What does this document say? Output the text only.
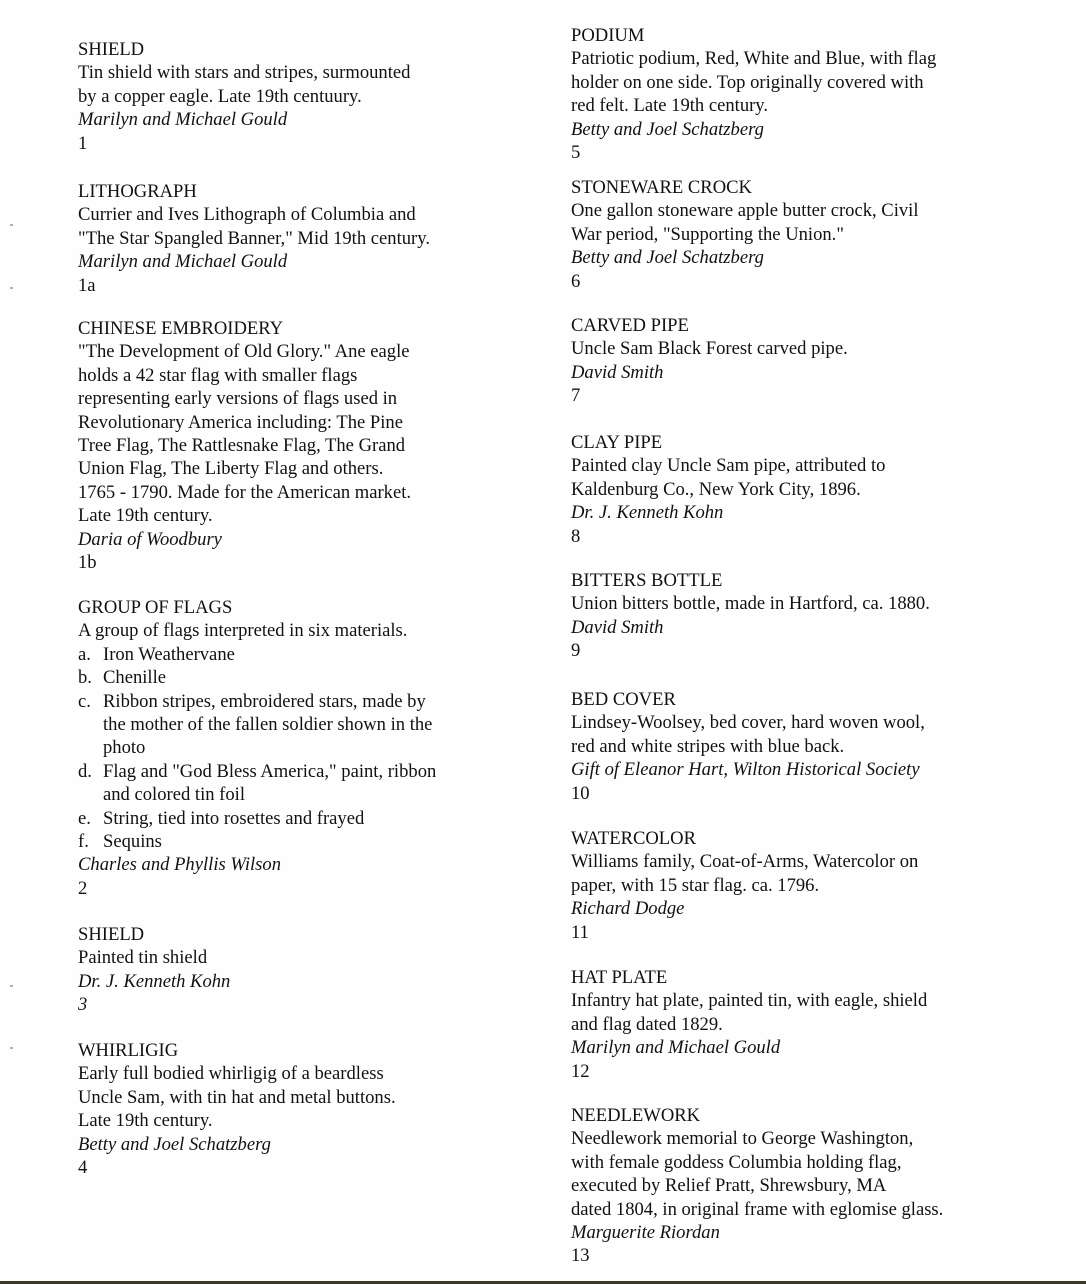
SHIELD
Tin shield with stars and stripes, surmounted
by a copper eagle. Late 19th centuury.
Marilyn and Michael Gould
1
LITHOGRAPH
Currier and Ives Lithograph of Columbia and
"The Star Spangled Banner," Mid 19th century.
Marilyn and Michael Gould
1a
CHINESE EMBROIDERY
"The Development of Old Glory." Ane eagle
holds a 42 star flag with smaller flags
representing early versions of flags used in
Revolutionary America including: The Pine
Tree Flag, The Rattlesnake Flag, The Grand
Union Flag, The Liberty Flag and others.
1765 - 1790. Made for the American market.
Late 19th century.
Daria of Woodbury
1b
GROUP OF FLAGS
A group of flags interpreted in six materials.
a. Iron Weathervane
b. Chenille
c. Ribbon stripes, embroidered stars, made by
the mother of the fallen soldier shown in the
photo
d. Flag and "God Bless America," paint, ribbon
and colored tin foil
e. String, tied into rosettes and frayed
f. Sequins
Charles and Phyllis Wilson
2
SHIELD
Painted tin shield
Dr. J. Kenneth Kohn
3
WHIRLIGIG
Early full bodied whirligig of a beardless
Uncle Sam, with tin hat and metal buttons.
Late 19th century.
Betty and Joel Schatzberg
4
PODIUM
Patriotic podium, Red, White and Blue, with flag
holder on one side. Top originally covered with
red felt. Late 19th century.
Betty and Joel Schatzberg
5
STONEWARE CROCK
One gallon stoneware apple butter crock, Civil
War period, "Supporting the Union."
Betty and Joel Schatzberg
6
CARVED PIPE
Uncle Sam Black Forest carved pipe.
David Smith
7
CLAY PIPE
Painted clay Uncle Sam pipe, attributed to
Kaldenburg Co., New York City, 1896.
Dr. J. Kenneth Kohn
8
BITTERS BOTTLE
Union bitters bottle, made in Hartford, ca. 1880.
David Smith
9
BED COVER
Lindsey-Woolsey, bed cover, hard woven wool,
red and white stripes with blue back.
Gift of Eleanor Hart, Wilton Historical Society
10
WATERCOLOR
Williams family, Coat-of-Arms, Watercolor on
paper, with 15 star flag. ca. 1796.
Richard Dodge
11
HAT PLATE
Infantry hat plate, painted tin, with eagle, shield
and flag dated 1829.
Marilyn and Michael Gould
12
NEEDLEWORK
Needlework memorial to George Washington,
with female goddess Columbia holding flag,
executed by Relief Pratt, Shrewsbury, MA
dated 1804, in original frame with eglomise glass.
Marguerite Riordan
13
